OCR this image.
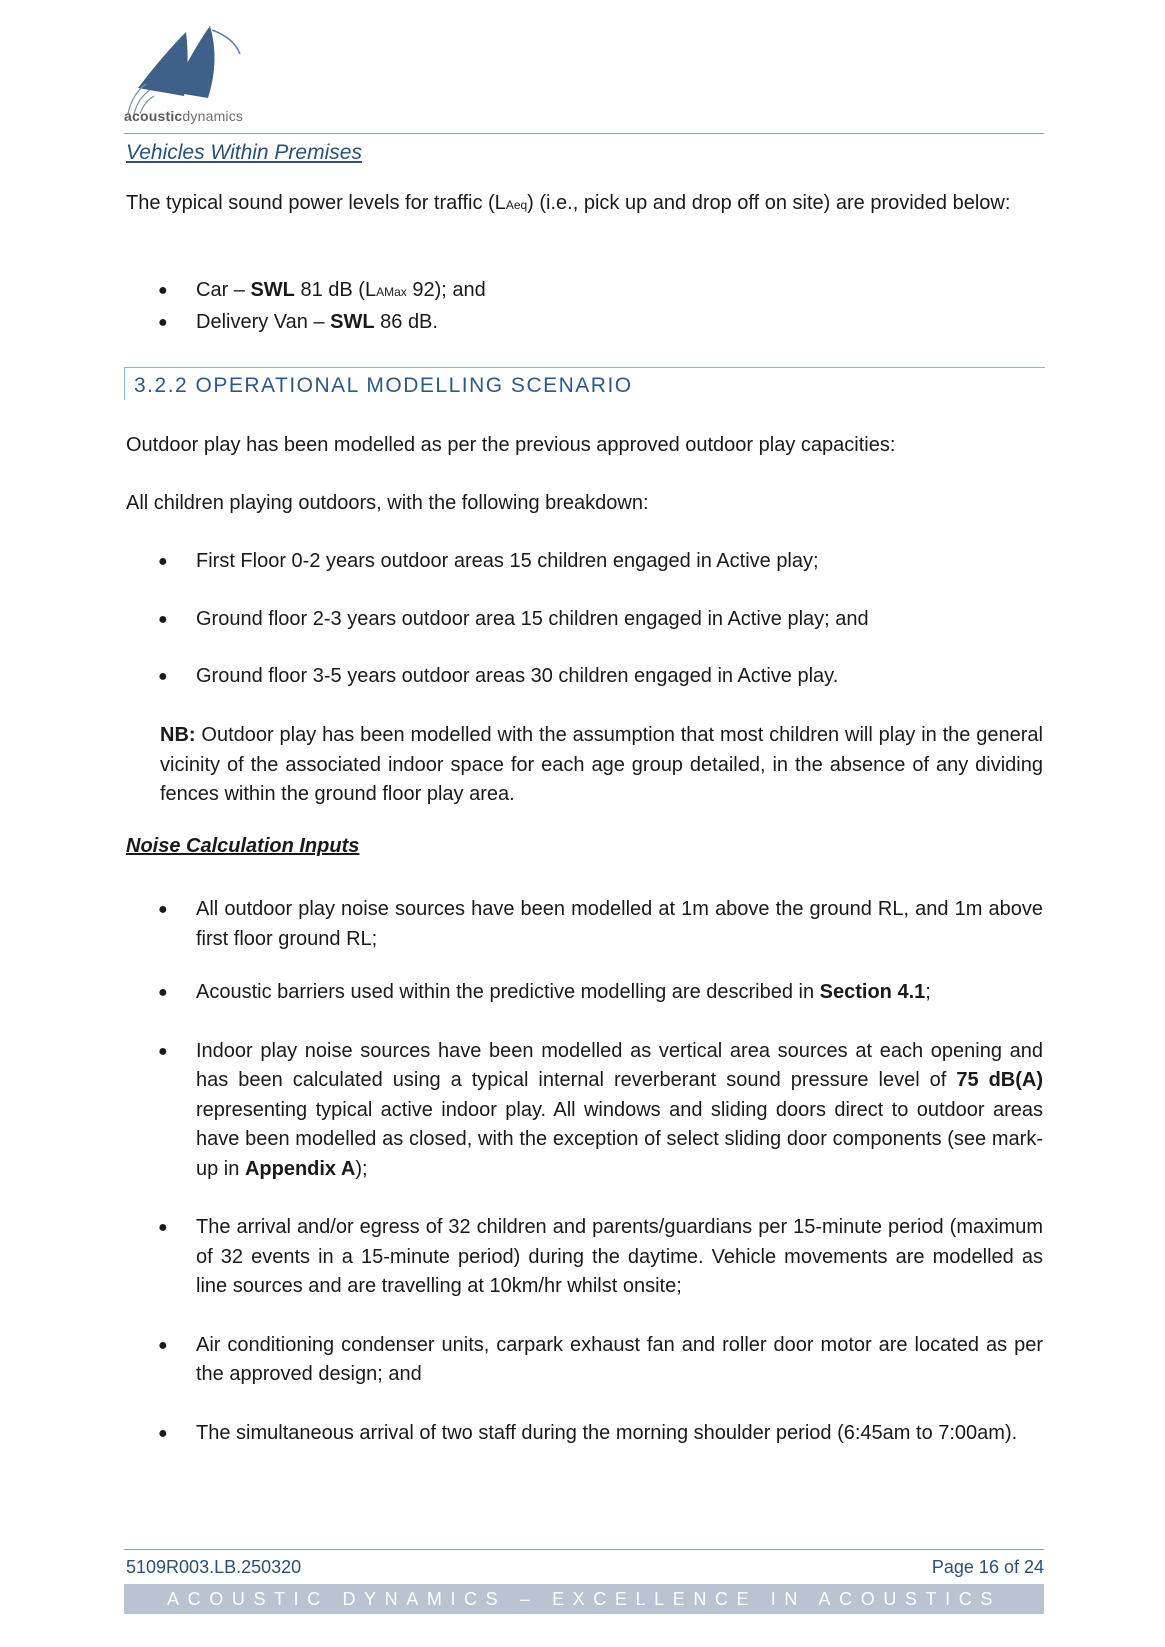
acousticdynamics
Vehicles Within Premises
The typical sound power levels for traffic (LAeq) (i.e., pick up and drop off on site) are provided below:
● Car – SWL 81 dB (LAMax 92); and
● Delivery Van – SWL 86 dB.
3.2.2 OPERATIONAL MODELLING SCENARIO
Outdoor play has been modelled as per the previous approved outdoor play capacities:
All children playing outdoors, with the following breakdown:
● First Floor 0-2 years outdoor areas 15 children engaged in Active play;
● Ground floor 2-3 years outdoor area 15 children engaged in Active play; and
● Ground floor 3-5 years outdoor areas 30 children engaged in Active play.
NB: Outdoor play has been modelled with the assumption that most children will play in the general vicinity of the associated indoor space for each age group detailed, in the absence of any dividing fences within the ground floor play area.
Noise Calculation Inputs
● All outdoor play noise sources have been modelled at 1m above the ground RL, and 1m above first floor ground RL;
● Acoustic barriers used within the predictive modelling are described in Section 4.1;
● Indoor play noise sources have been modelled as vertical area sources at each opening and has been calculated using a typical internal reverberant sound pressure level of 75 dB(A) representing typical active indoor play. All windows and sliding doors direct to outdoor areas have been modelled as closed, with the exception of select sliding door components (see mark-up in Appendix A);
● The arrival and/or egress of 32 children and parents/guardians per 15-minute period (maximum of 32 events in a 15-minute period) during the daytime. Vehicle movements are modelled as line sources and are travelling at 10km/hr whilst onsite;
● Air conditioning condenser units, carpark exhaust fan and roller door motor are located as per the approved design; and
● The simultaneous arrival of two staff during the morning shoulder period (6:45am to 7:00am).
5109R003.LB.250320	Page 16 of 24
ACOUSTIC DYNAMICS – EXCELLENCE IN ACOUSTICS
